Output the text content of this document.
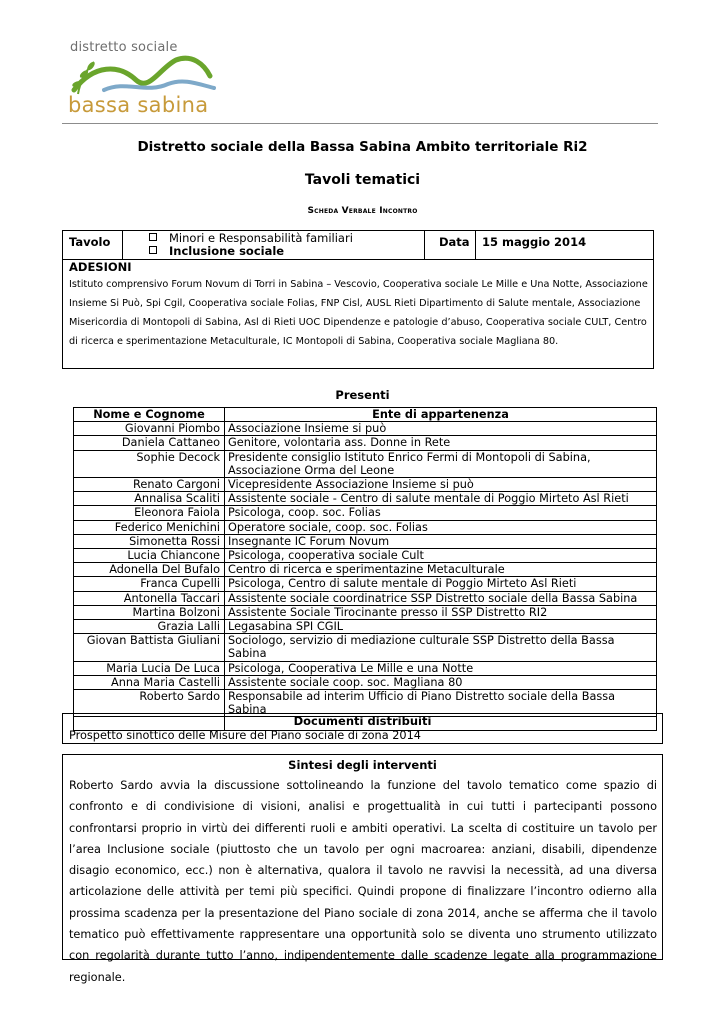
distretto sociale
bassa sabina
Distretto sociale della Bassa Sabina Ambito territoriale Ri2
Tavoli tematici
Scheda Verbale Incontro
Tavolo	Minori e Responsabilità familiari
Inclusione sociale
Data 15 maggio 2014
ADESIONI
Istituto comprensivo Forum Novum di Torri in Sabina – Vescovio, Cooperativa sociale Le Mille e Una Notte, Associazione Insieme Si Può, Spi Cgil, Cooperativa sociale Folias, FNP Cisl, AUSL Rieti Dipartimento di Salute mentale, Associazione Misericordia di Montopoli di Sabina, Asl di Rieti UOC Dipendenze e patologie d’abuso, Cooperativa sociale CULT, Centro di ricerca e sperimentazione Metaculturale, IC Montopoli di Sabina, Cooperativa sociale Magliana 80.
Presenti
Nome e Cognome	Ente di appartenenza
Giovanni Piombo	Associazione Insieme si può
Daniela Cattaneo	Genitore, volontaria ass. Donne in Rete
Sophie Decock	Presidente consiglio Istituto Enrico Fermi di Montopoli di Sabina, Associazione Orma del Leone
Renato Cargoni	Vicepresidente Associazione Insieme si può
Annalisa Scaliti	Assistente sociale - Centro di salute mentale di Poggio Mirteto Asl Rieti
Eleonora Faiola	Psicologa, coop. soc. Folias
Federico Menichini	Operatore sociale, coop. soc. Folias
Simonetta Rossi	Insegnante IC Forum Novum
Lucia Chiancone	Psicologa, cooperativa sociale Cult
Adonella Del Bufalo	Centro di ricerca e sperimentazine Metaculturale
Franca Cupelli	Psicologa, Centro di salute mentale di Poggio Mirteto Asl Rieti
Antonella Taccari	Assistente sociale coordinatrice SSP Distretto sociale della Bassa Sabina
Martina Bolzoni	Assistente Sociale Tirocinante presso il SSP Distretto RI2
Grazia Lalli	Legasabina SPI CGIL
Giovan Battista Giuliani	Sociologo, servizio di mediazione culturale SSP Distretto della Bassa Sabina
Maria Lucia De Luca	Psicologa, Cooperativa Le Mille e una Notte
Anna Maria Castelli	Assistente sociale coop. soc. Magliana 80
Roberto Sardo	Responsabile ad interim Ufficio di Piano Distretto sociale della Bassa Sabina

Documenti distribuiti
Prospetto sinottico delle Misure del Piano sociale di zona 2014
Sintesi degli interventi
Roberto Sardo avvia la discussione sottolineando la funzione del tavolo tematico come spazio di confronto e di condivisione di visioni, analisi e progettualità in cui tutti i partecipanti possono confrontarsi proprio in virtù dei differenti ruoli e ambiti operativi. La scelta di costituire un tavolo per l’area Inclusione sociale (piuttosto che un tavolo per ogni macroarea: anziani, disabili, dipendenze disagio economico, ecc.) non è alternativa, qualora il tavolo ne ravvisi la necessità, ad una diversa articolazione delle attività per temi più specifici. Quindi propone di finalizzare l’incontro odierno alla prossima scadenza per la presentazione del Piano sociale di zona 2014, anche se afferma che il tavolo tematico può effettivamente rappresentare una opportunità solo se diventa uno strumento utilizzato con regolarità durante tutto l’anno, indipendentemente dalle scadenze legate alla programmazione regionale.
